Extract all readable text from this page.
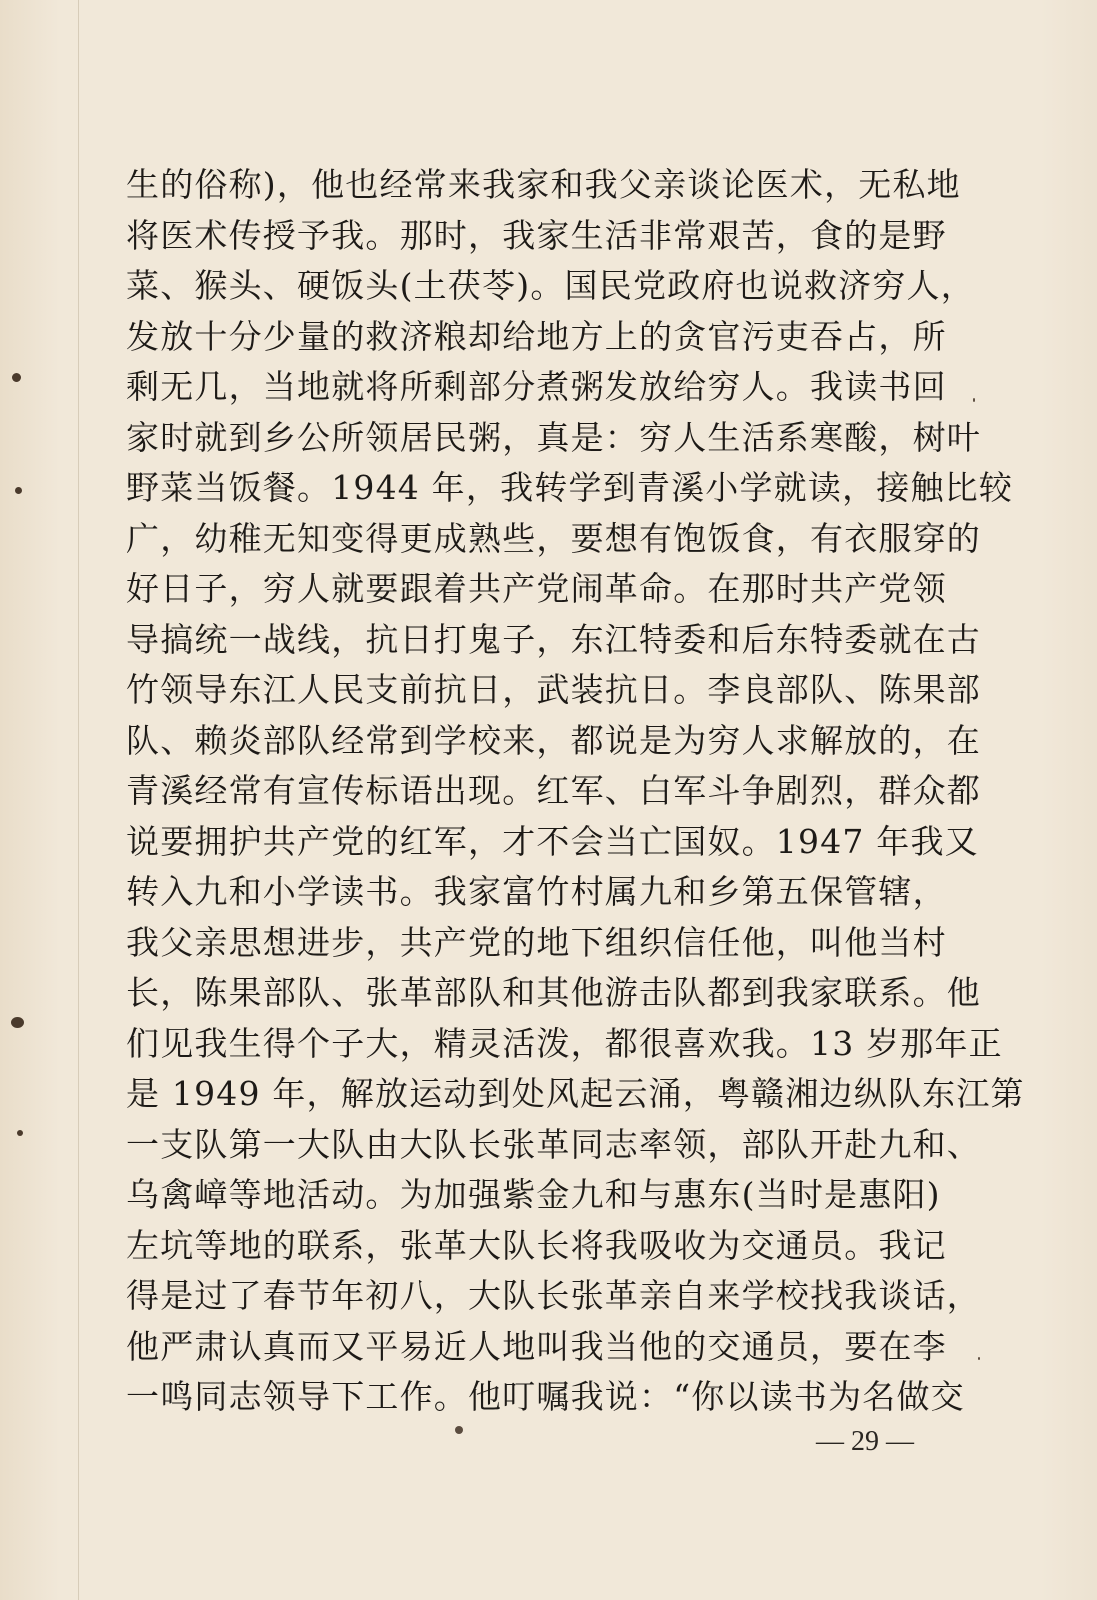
生的俗称)，他也经常来我家和我父亲谈论医术，无私地
将医术传授予我。那时，我家生活非常艰苦，食的是野
菜、猴头、硬饭头(土茯苓)。国民党政府也说救济穷人，
发放十分少量的救济粮却给地方上的贪官污吏吞占，所
剩无几，当地就将所剩部分煮粥发放给穷人。我读书回
家时就到乡公所领居民粥，真是：穷人生活系寒酸，树叶
野菜当饭餐。1944 年，我转学到青溪小学就读，接触比较
广，幼稚无知变得更成熟些，要想有饱饭食，有衣服穿的
好日子，穷人就要跟着共产党闹革命。在那时共产党领
导搞统一战线，抗日打鬼子，东江特委和后东特委就在古
竹领导东江人民支前抗日，武装抗日。李良部队、陈果部
队、赖炎部队经常到学校来，都说是为穷人求解放的，在
青溪经常有宣传标语出现。红军、白军斗争剧烈，群众都
说要拥护共产党的红军，才不会当亡国奴。1947 年我又
转入九和小学读书。我家富竹村属九和乡第五保管辖，
我父亲思想进步，共产党的地下组织信任他，叫他当村
长，陈果部队、张革部队和其他游击队都到我家联系。他
们见我生得个子大，精灵活泼，都很喜欢我。13 岁那年正
是 1949 年，解放运动到处风起云涌，粤赣湘边纵队东江第
一支队第一大队由大队长张革同志率领，部队开赴九和、
乌禽嶂等地活动。为加强紫金九和与惠东(当时是惠阳)
左坑等地的联系，张革大队长将我吸收为交通员。我记
得是过了春节年初八，大队长张革亲自来学校找我谈话，
他严肃认真而又平易近人地叫我当他的交通员，要在李
一鸣同志领导下工作。他叮嘱我说：“你以读书为名做交
— 29 —
